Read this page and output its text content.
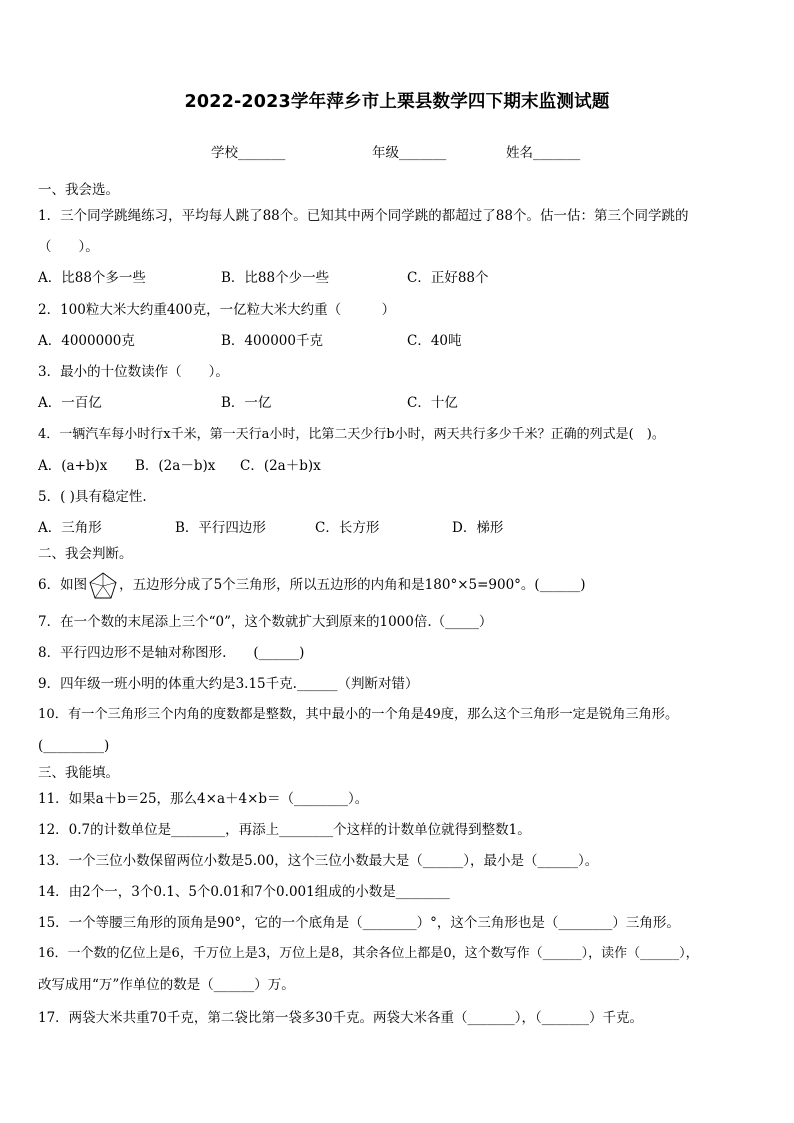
2022-2023学年萍乡市上栗县数学四下期末监测试题
学校_______	年级_______	姓名_______
一、我会选。
1．三个同学跳绳练习，平均每人跳了88个。已知其中两个同学跳的都超过了88个。估一估：第三个同学跳的
（　　）。
A．比88个多一些	B．比88个少一些	C．正好88个
2．100粒大米大约重400克，一亿粒大米大约重（　　　）
A．4000000克	B．400000千克	C．40吨
3．最小的十位数读作（　　）。
A．一百亿	B．一亿	C．十亿
4．一辆汽车每小时行x千米，第一天行a小时，比第二天少行b小时，两天共行多少千米？正确的列式是(　)。
A．(a+b)x B．(2a－b)x C．(2a＋b)x
5．( )具有稳定性.
A．三角形	B．平行四边形	C．长方形	D．梯形
二、我会判断。
6．如图 ，五边形分成了5个三角形，所以五边形的内角和是180°×5=900°。(______)
7．在一个数的末尾添上三个“0”，这个数就扩大到原来的1000倍.（_____）
8．平行四边形不是轴对称图形.　　(______)
9．四年级一班小明的体重大约是3.15千克.______（判断对错）
10．有一个三角形三个内角的度数都是整数，其中最小的一个角是49度，那么这个三角形一定是锐角三角形。
(_________)
三、我能填。
11．如果a＋b＝25，那么4×a＋4×b＝（________）。
12．0.7的计数单位是________，再添上________个这样的计数单位就得到整数1。
13．一个三位小数保留两位小数是5.00，这个三位小数最大是（______），最小是（______）。
14．由2个一，3个0.1、5个0.01和7个0.001组成的小数是________
15．一个等腰三角形的顶角是90°，它的一个底角是（________）°，这个三角形也是（________）三角形。
16．一个数的亿位上是6，千万位上是3，万位上是8，其余各位上都是0，这个数写作（______），读作（______），
改写成用“万”作单位的数是（______）万。
17．两袋大米共重70千克，第二袋比第一袋多30千克。两袋大米各重（_______），（_______）千克。
